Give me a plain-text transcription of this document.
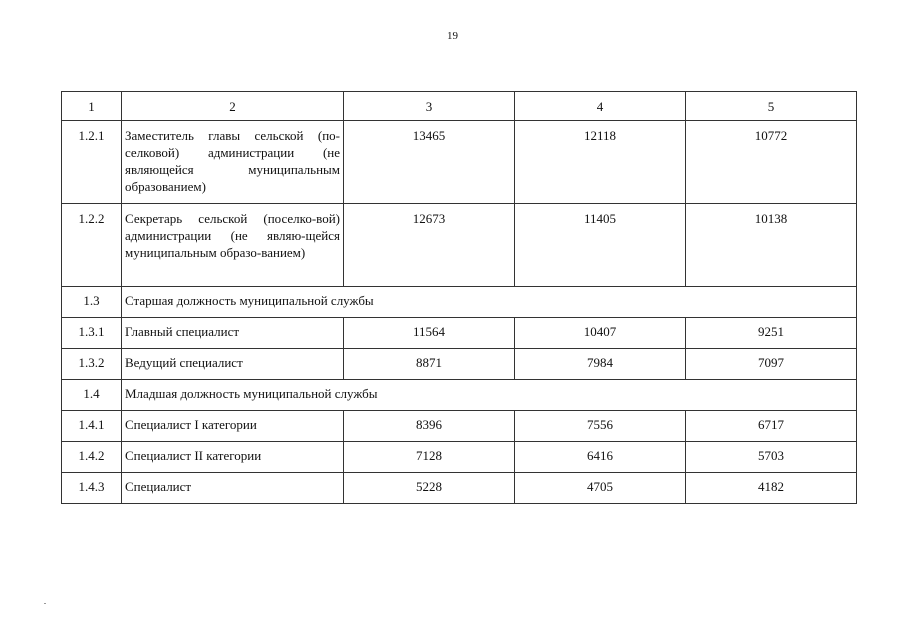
19
1	2	3	4	5
1.2.1	Заместитель главы сельской (по-селковой) администрации (не являющейся муниципальным образованием)	13465	12118	10772
1.2.2	Секретарь сельской (поселко-вой) администрации (не являю-щейся муниципальным образо-ванием)	12673	11405	10138
1.3	Старшая должность муниципальной службы			
1.3.1	Главный специалист	11564	10407	9251
1.3.2	Ведущий специалист	8871	7984	7097
1.4	Младшая должность муниципальной службы			
1.4.1	Специалист I категории	8396	7556	6717
1.4.2	Специалист II категории	7128	6416	5703
1.4.3	Специалист	5228	4705	4182
